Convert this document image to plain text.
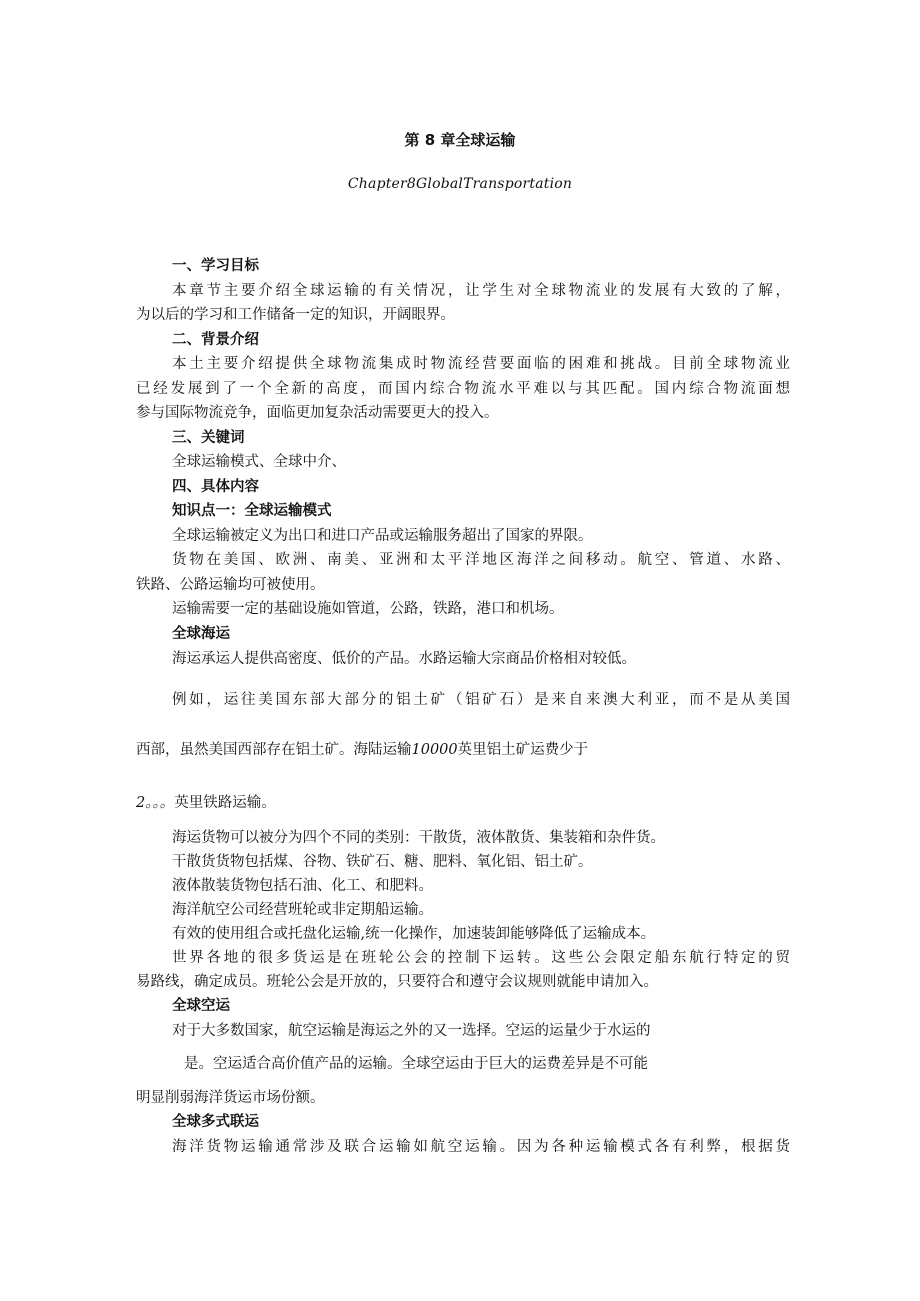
第 8 章全球运输
Chapter8GlobalTransportation
一、学习目标
本章节主要介绍全球运输的有关情况，让学生对全球物流业的发展有大致的了解，
为以后的学习和工作储备一定的知识，开阔眼界。
二、背景介绍
本土主要介绍提供全球物流集成时物流经营要面临的困难和挑战。目前全球物流业
已经发展到了一个全新的高度，而国内综合物流水平难以与其匹配。国内综合物流面想
参与国际物流竞争，面临更加复杂活动需要更大的投入。
三、关键词
全球运输模式、全球中介、
四、具体内容
知识点一：全球运输模式
全球运输被定义为出口和进口产品或运输服务超出了国家的界限。
货物在美国、欧洲、南美、亚洲和太平洋地区海洋之间移动。航空、管道、水路、
铁路、公路运输均可被使用。
运输需要一定的基础设施如管道，公路，铁路，港口和机场。
全球海运
海运承运人提供高密度、低价的产品。水路运输大宗商品价格相对较低。
例如，运往美国东部大部分的铝土矿（铝矿石）是来自来澳大利亚，而不是从美国
西部，虽然美国西部存在铝土矿。海陆运输10000英里铝土矿运费少于
2。。。英里铁路运输。
海运货物可以被分为四个不同的类别：干散货，液体散货、集装箱和杂件货。
干散货货物包括煤、谷物、铁矿石、糖、肥料、氧化铝、铝土矿。
液体散装货物包括石油、化工、和肥料。
海洋航空公司经营班轮或非定期船运输。
有效的使用组合或托盘化运输,统一化操作，加速装卸能够降低了运输成本。
世界各地的很多货运是在班轮公会的控制下运转。这些公会限定船东航行特定的贸
易路线，确定成员。班轮公会是开放的，只要符合和遵守会议规则就能申请加入。
全球空运
对于大多数国家，航空运输是海运之外的又一选择。空运的运量少于水运的
是。空运适合高价值产品的运输。全球空运由于巨大的运费差异是不可能
明显削弱海洋货运市场份额。
全球多式联运
海洋货物运输通常涉及联合运输如航空运输。因为各种运输模式各有利弊，根据货
